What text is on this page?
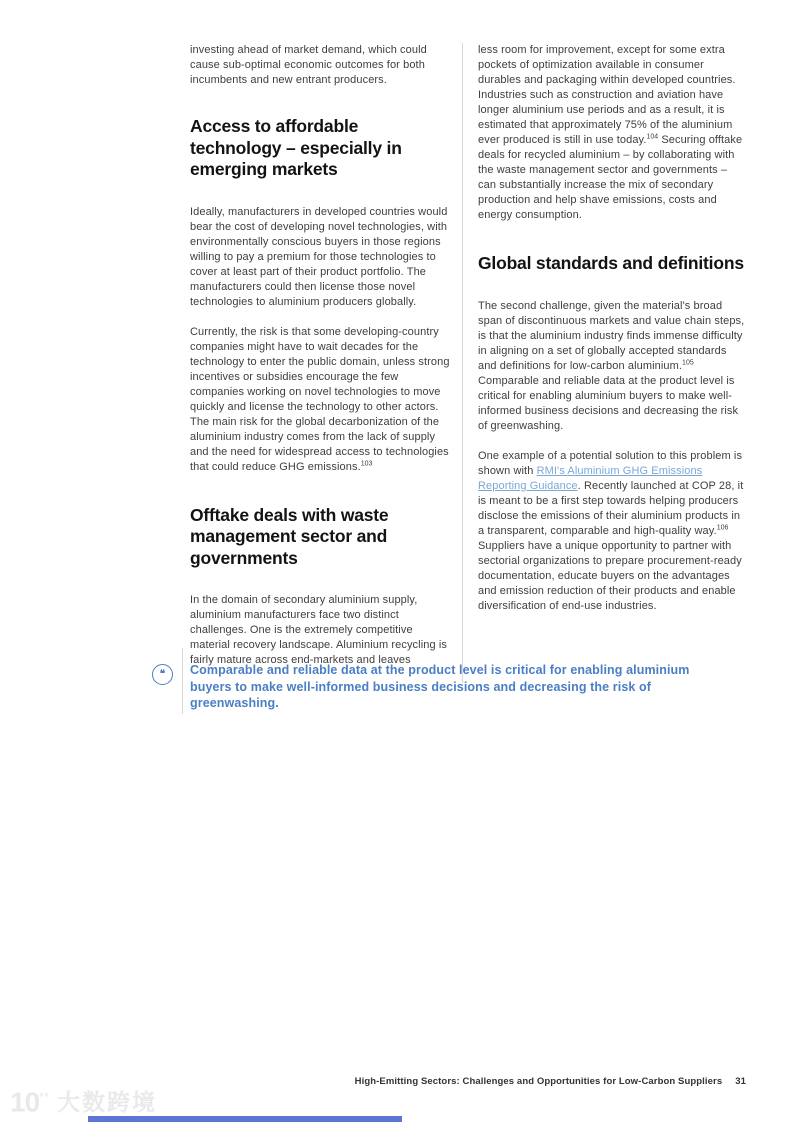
investing ahead of market demand, which could cause sub-optimal economic outcomes for both incumbents and new entrant producers.

Access to affordable technology – especially in emerging markets

Ideally, manufacturers in developed countries would bear the cost of developing novel technologies, with environmentally conscious buyers in those regions willing to pay a premium for those technologies to cover at least part of their product portfolio. The manufacturers could then license those novel technologies to aluminium producers globally.

Currently, the risk is that some developing-country companies might have to wait decades for the technology to enter the public domain, unless strong incentives or subsidies encourage the few companies working on novel technologies to move quickly and license the technology to other actors. The main risk for the global decarbonization of the aluminium industry comes from the lack of supply and the need for widespread access to technologies that could reduce GHG emissions.$^{103}$

Offtake deals with waste management sector and governments

In the domain of secondary aluminium supply, aluminium manufacturers face two distinct challenges. One is the extremely competitive material recovery landscape. Aluminium recycling is fairly mature across end-markets and leaves

less room for improvement, except for some extra pockets of optimization available in consumer durables and packaging within developed countries. Industries such as construction and aviation have longer aluminium use periods and as a result, it is estimated that approximately 75% of the aluminium ever produced is still in use today.$^{104}$ Securing offtake deals for recycled aluminium – by collaborating with the waste management sector and governments – can substantially increase the mix of secondary production and help shave emissions, costs and energy consumption.

Global standards and definitions

The second challenge, given the material's broad span of discontinuous markets and value chain steps, is that the aluminium industry finds immense difficulty in aligning on a set of globally accepted standards and definitions for low-carbon aluminium.$^{105}$ Comparable and reliable data at the product level is critical for enabling aluminium buyers to make well-informed business decisions and decreasing the risk of greenwashing.

One example of a potential solution to this problem is shown with RMI's Aluminium GHG Emissions Reporting Guidance. Recently launched at COP 28, it is meant to be a first step towards helping producers disclose the emissions of their aluminium products in a transparent, comparable and high-quality way.$^{106}$ Suppliers have a unique opportunity to partner with sectorial organizations to prepare procurement-ready documentation, educate buyers on the advantages and emission reduction of their products and enable diversification of end-use industries.

❝	Comparable and reliable data at the product level is critical for enabling aluminium buyers to make well-informed business decisions and decreasing the risk of greenwashing.
High-Emitting Sectors: Challenges and Opportunities for Low-Carbon Suppliers 31
10°° 大数跨境
